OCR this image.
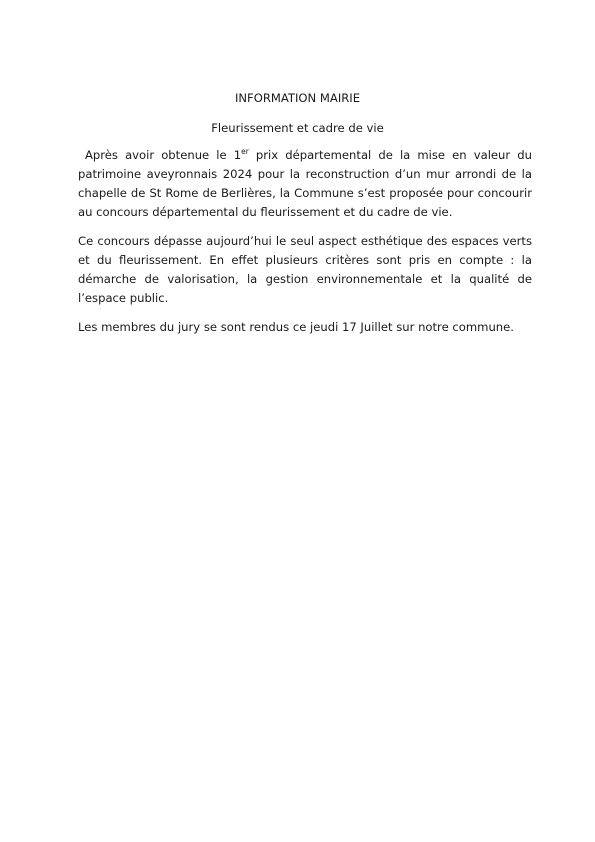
INFORMATION MAIRIE
Fleurissement et cadre de vie

Après avoir obtenue le 1er prix départemental de la mise en valeur du patrimoine aveyronnais 2024 pour la reconstruction d’un mur arrondi de la chapelle de St Rome de Berlières, la Commune s’est proposée pour concourir au concours départemental du fleurissement et du cadre de vie.

Ce concours dépasse aujourd’hui le seul aspect esthétique des espaces verts et du fleurissement. En effet plusieurs critères sont pris en compte : la démarche de valorisation, la gestion environnementale et la qualité de l’espace public.

Les membres du jury se sont rendus ce jeudi 17 Juillet sur notre commune.
